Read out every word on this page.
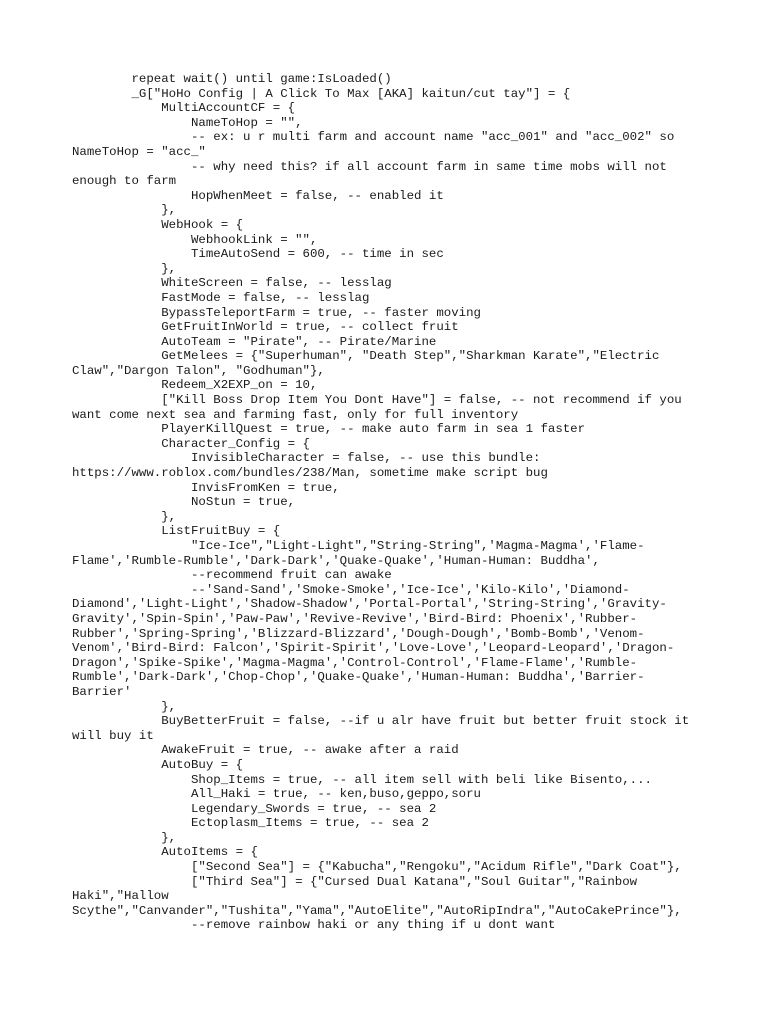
repeat wait() until game:IsLoaded()
_G["HoHo Config | A Click To Max [AKA] kaitun/cut tay"] = {
MultiAccountCF = {
NameToHop = "",
-- ex: u r multi farm and account name "acc_001" and "acc_002" so
NameToHop = "acc_"
-- why need this? if all account farm in same time mobs will not
enough to farm
HopWhenMeet = false, -- enabled it
},
WebHook = {
WebhookLink = "",
TimeAutoSend = 600, -- time in sec
},
WhiteScreen = false, -- lesslag
FastMode = false, -- lesslag
BypassTeleportFarm = true, -- faster moving
GetFruitInWorld = true, -- collect fruit
AutoTeam = "Pirate", -- Pirate/Marine
GetMelees = {"Superhuman", "Death Step","Sharkman Karate","Electric
Claw","Dargon Talon", "Godhuman"},
Redeem_X2EXP_on = 10,
["Kill Boss Drop Item You Dont Have"] = false, -- not recommend if you
want come next sea and farming fast, only for full inventory
PlayerKillQuest = true, -- make auto farm in sea 1 faster
Character_Config = {
InvisibleCharacter = false, -- use this bundle:
https://www.roblox.com/bundles/238/Man, sometime make script bug
InvisFromKen = true,
NoStun = true,
},
ListFruitBuy = {
"Ice-Ice","Light-Light","String-String",'Magma-Magma','Flame-
Flame','Rumble-Rumble','Dark-Dark','Quake-Quake','Human-Human: Buddha',
--recommend fruit can awake
--'Sand-Sand','Smoke-Smoke','Ice-Ice','Kilo-Kilo','Diamond-
Diamond','Light-Light','Shadow-Shadow','Portal-Portal','String-String','Gravity-
Gravity','Spin-Spin','Paw-Paw','Revive-Revive','Bird-Bird: Phoenix','Rubber-
Rubber','Spring-Spring','Blizzard-Blizzard','Dough-Dough','Bomb-Bomb','Venom-
Venom','Bird-Bird: Falcon','Spirit-Spirit','Love-Love','Leopard-Leopard','Dragon-
Dragon','Spike-Spike','Magma-Magma','Control-Control','Flame-Flame','Rumble-
Rumble','Dark-Dark','Chop-Chop','Quake-Quake','Human-Human: Buddha','Barrier-
Barrier'
},
BuyBetterFruit = false, --if u alr have fruit but better fruit stock it
will buy it
AwakeFruit = true, -- awake after a raid
AutoBuy = {
Shop_Items = true, -- all item sell with beli like Bisento,...
All_Haki = true, -- ken,buso,geppo,soru
Legendary_Swords = true, -- sea 2
Ectoplasm_Items = true, -- sea 2
},
AutoItems = {
["Second Sea"] = {"Kabucha","Rengoku","Acidum Rifle","Dark Coat"},
["Third Sea"] = {"Cursed Dual Katana","Soul Guitar","Rainbow
Haki","Hallow
Scythe","Canvander","Tushita","Yama","AutoElite","AutoRipIndra","AutoCakePrince"},
--remove rainbow haki or any thing if u dont want
